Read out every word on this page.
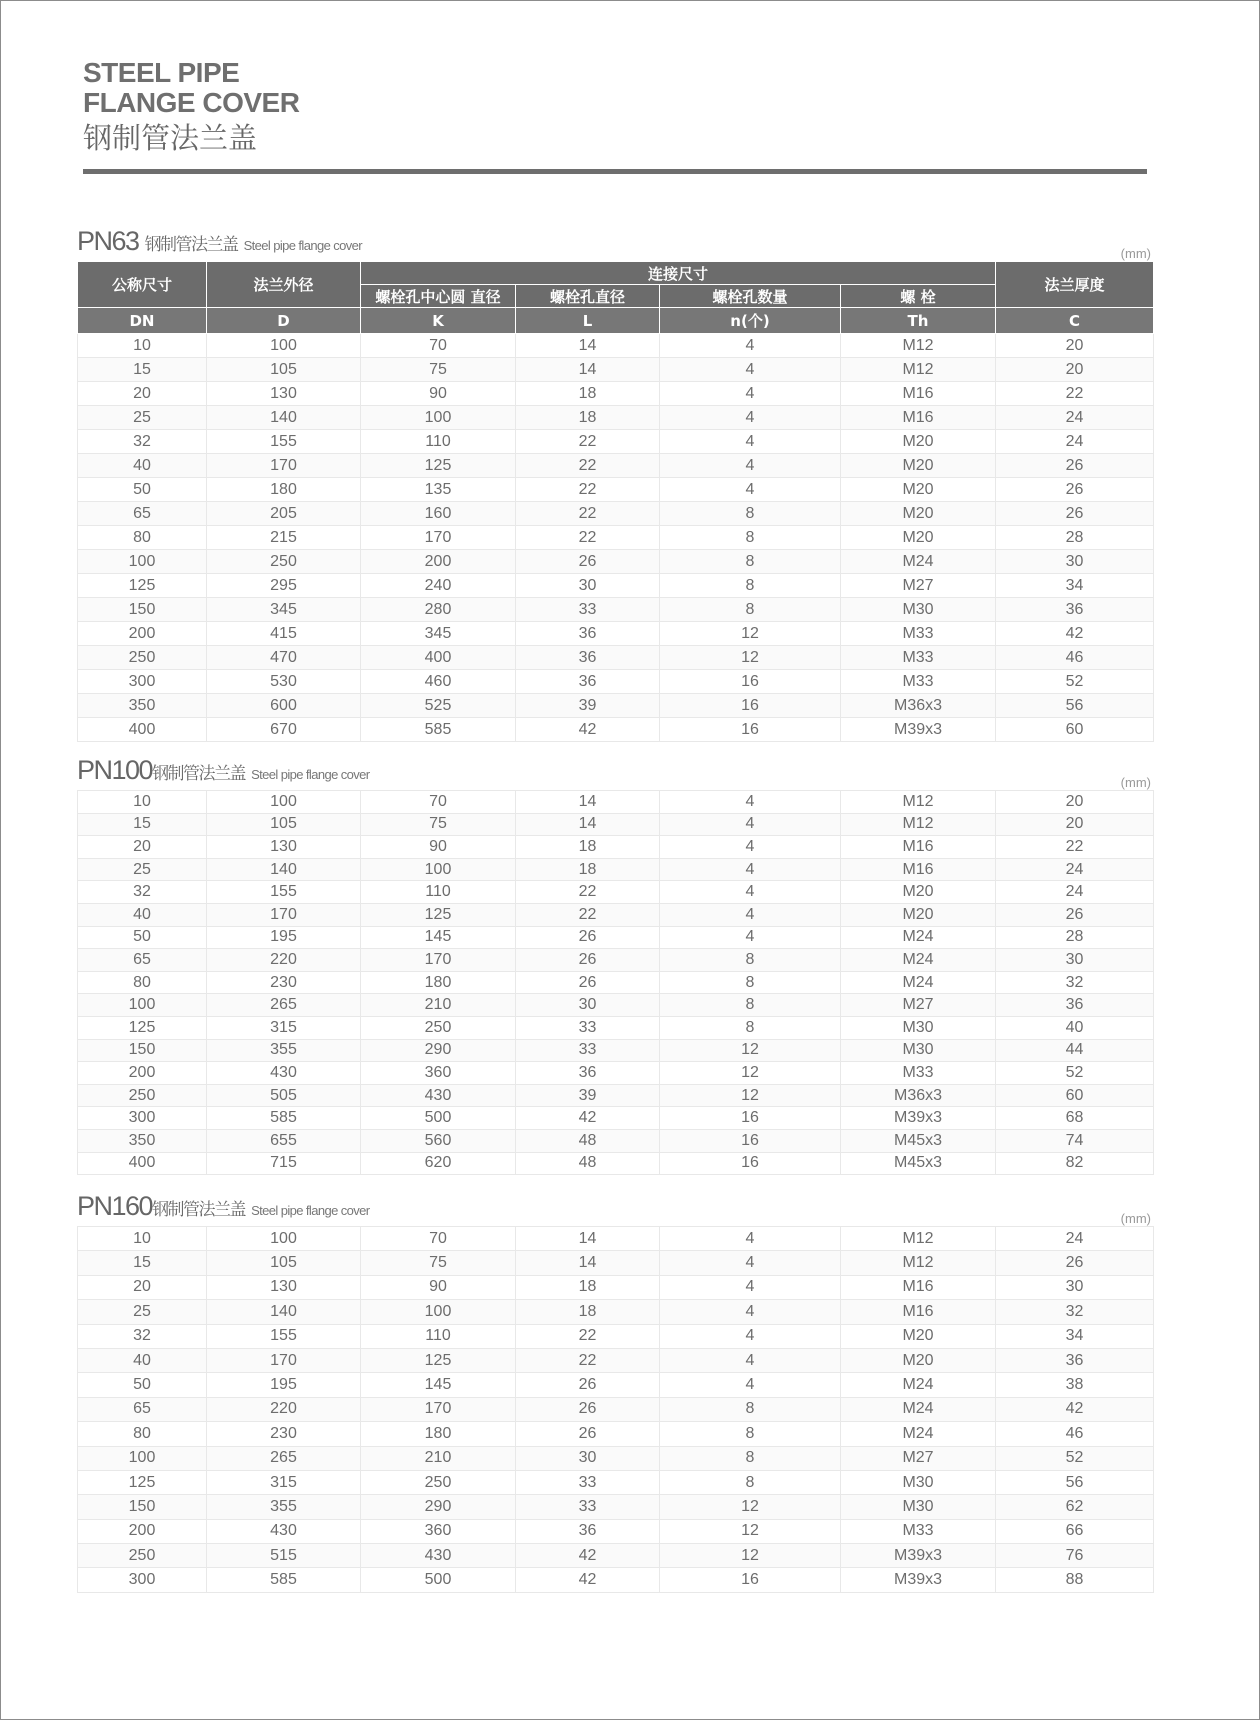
STEEL PIPE
FLANGE COVER
钢制管法兰盖
PN63 钢制管法兰盖 Steel pipe flange cover
(mm)
公称尺寸	法兰外径	连接尺寸				法兰厚度
		螺栓孔中心圆 直径	螺栓孔直径	螺栓孔数量	螺 栓	
DN	D	K	L	n(个)	Th	C
10	100	70	14	4	M12	20
15	105	75	14	4	M12	20
20	130	90	18	4	M16	22
25	140	100	18	4	M16	24
32	155	110	22	4	M20	24
40	170	125	22	4	M20	26
50	180	135	22	4	M20	26
65	205	160	22	8	M20	26
80	215	170	22	8	M20	28
100	250	200	26	8	M24	30
125	295	240	30	8	M27	34
150	345	280	33	8	M30	36
200	415	345	36	12	M33	42
250	470	400	36	12	M33	46
300	530	460	36	16	M33	52
350	600	525	39	16	M36x3	56
400	670	585	42	16	M39x3	60
PN100钢制管法兰盖 Steel pipe flange cover
(mm)
10	100	70	14	4	M12	20
15	105	75	14	4	M12	20
20	130	90	18	4	M16	22
25	140	100	18	4	M16	24
32	155	110	22	4	M20	24
40	170	125	22	4	M20	26
50	195	145	26	4	M24	28
65	220	170	26	8	M24	30
80	230	180	26	8	M24	32
100	265	210	30	8	M27	36
125	315	250	33	8	M30	40
150	355	290	33	12	M30	44
200	430	360	36	12	M33	52
250	505	430	39	12	M36x3	60
300	585	500	42	16	M39x3	68
350	655	560	48	16	M45x3	74
400	715	620	48	16	M45x3	82
PN160钢制管法兰盖 Steel pipe flange cover
(mm)
10	100	70	14	4	M12	24
15	105	75	14	4	M12	26
20	130	90	18	4	M16	30
25	140	100	18	4	M16	32
32	155	110	22	4	M20	34
40	170	125	22	4	M20	36
50	195	145	26	4	M24	38
65	220	170	26	8	M24	42
80	230	180	26	8	M24	46
100	265	210	30	8	M27	52
125	315	250	33	8	M30	56
150	355	290	33	12	M30	62
200	430	360	36	12	M33	66
250	515	430	42	12	M39x3	76
300	585	500	42	16	M39x3	88
